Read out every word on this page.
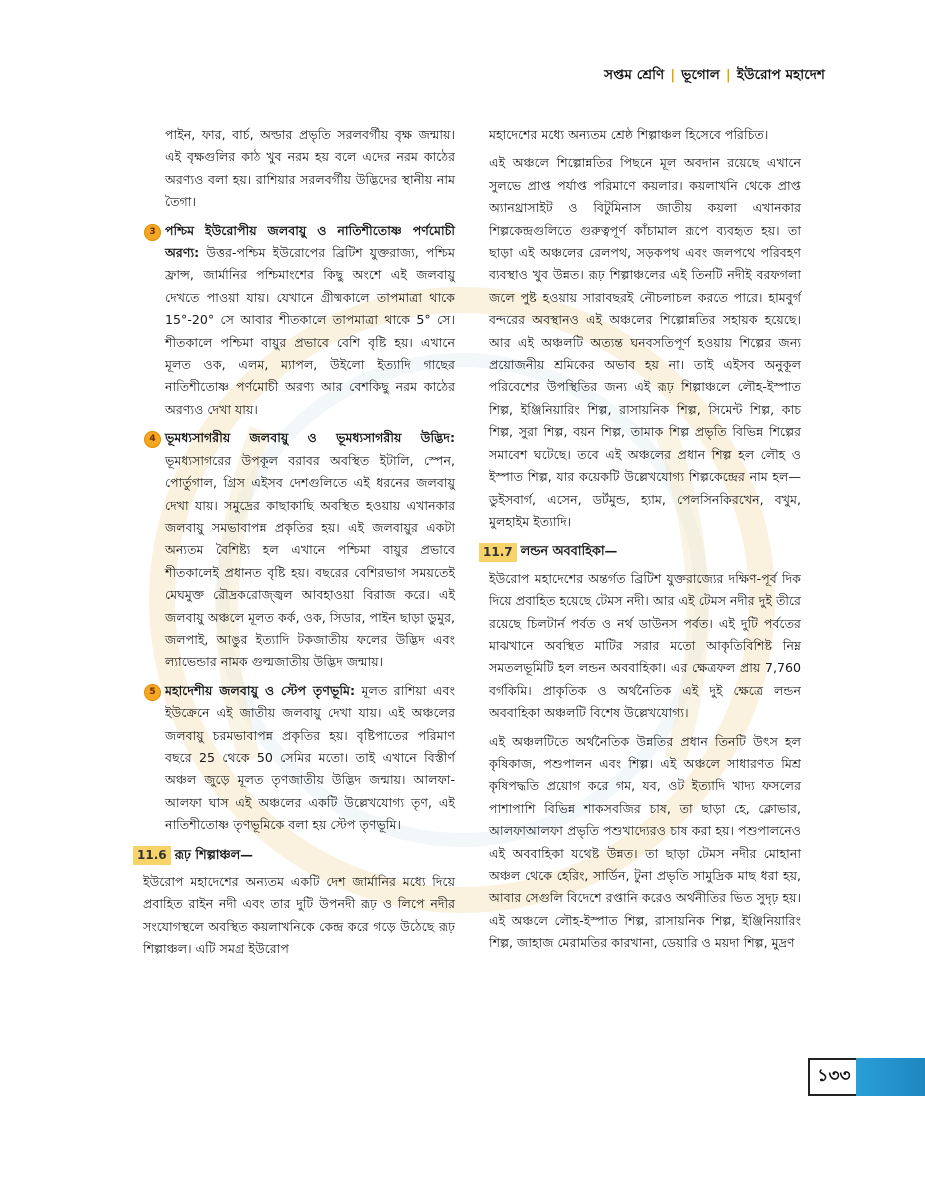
সপ্তম শ্রেণি | ভূগোল | ইউরোপ মহাদেশ

পাইন, ফার, বার্চ, অল্ডার প্রভৃতি সরলবর্গীয় বৃক্ষ জন্মায়। এই বৃক্ষগুলির কাঠ খুব নরম হয় বলে এদের নরম কাঠের অরণ্যও বলা হয়। রাশিয়ার সরলবর্গীয় উদ্ভিদের স্থানীয় নাম তৈগা।

3 পশ্চিম ইউরোপীয় জলবায়ু ও নাতিশীতোষ্ণ পর্ণমোচী অরণ্য: উত্তর-পশ্চিম ইউরোপের ব্রিটিশ যুক্তরাজ্য, পশ্চিম ফ্রান্স, জার্মানির পশ্চিমাংশের কিছু অংশে এই জলবায়ু দেখতে পাওয়া যায়। যেখানে গ্রীষ্মকালে তাপমাত্রা থাকে 15°-20° সে আবার শীতকালে তাপমাত্রা থাকে 5° সে। শীতকালে পশ্চিমা বায়ুর প্রভাবে বেশি বৃষ্টি হয়। এখানে মূলত ওক, এলম, ম্যাপল, উইলো ইত্যাদি গাছের নাতিশীতোষ্ণ পর্ণমোচী অরণ্য আর বেশকিছু নরম কাঠের অরণ্যও দেখা যায়।
4 ভূমধ্যসাগরীয় জলবায়ু ও ভূমধ্যসাগরীয় উদ্ভিদ: ভূমধ্যসাগরের উপকূল বরাবর অবস্থিত ইটালি, স্পেন, পোর্তুগাল, গ্রিস এইসব দেশগুলিতে এই ধরনের জলবায়ু দেখা যায়। সমুদ্রের কাছাকাছি অবস্থিত হওয়ায় এখানকার জলবায়ু সমভাবাপন্ন প্রকৃতির হয়। এই জলবায়ুর একটা অন্যতম বৈশিষ্ট্য হল এখানে পশ্চিমা বায়ুর প্রভাবে শীতকালেই প্রধানত বৃষ্টি হয়। বছরের বেশিরভাগ সময়তেই মেঘমুক্ত রৌদ্রকরোজ্জ্বল আবহাওয়া বিরাজ করে। এই জলবায়ু অঞ্চলে মূলত কর্ক, ওক, সিডার, পাইন ছাড়া ডুমুর, জলপাই, আঙুর ইত্যাদি টকজাতীয় ফলের উদ্ভিদ এবং ল্যাভেন্ডার নামক গুল্মজাতীয় উদ্ভিদ জন্মায়।
5 মহাদেশীয় জলবায়ু ও স্টেপ তৃণভূমি: মূলত রাশিয়া এবং ইউক্রেনে এই জাতীয় জলবায়ু দেখা যায়। এই অঞ্চলের জলবায়ু চরমভাবাপন্ন প্রকৃতির হয়। বৃষ্টিপাতের পরিমাণ বছরে 25 থেকে 50 সেমির মতো। তাই এখানে বিস্তীর্ণ অঞ্চল জুড়ে মূলত তৃণজাতীয় উদ্ভিদ জন্মায়। আলফা-আলফা ঘাস এই অঞ্চলের একটি উল্লেখযোগ্য তৃণ, এই নাতিশীতোষ্ণ তৃণভূমিকে বলা হয় স্টেপ তৃণভূমি।
11.6 রূঢ় শিল্পাঞ্চল—

ইউরোপ মহাদেশের অন্যতম একটি দেশ জার্মানির মধ্যে দিয়ে প্রবাহিত রাইন নদী এবং তার দুটি উপনদী রূঢ় ও লিপে নদীর সংযোগস্থলে অবস্থিত কয়লাখনিকে কেন্দ্র করে গড়ে উঠেছে রূঢ় শিল্পাঞ্চল। এটি সমগ্র ইউরোপ

মহাদেশের মধ্যে অন্যতম শ্রেষ্ঠ শিল্পাঞ্চল হিসেবে পরিচিত।

এই অঞ্চলে শিল্পোন্নতির পিছনে মূল অবদান রয়েছে এখানে সুলভে প্রাপ্ত পর্যাপ্ত পরিমাণে কয়লার। কয়লাখনি থেকে প্রাপ্ত অ্যানথ্রাসাইট ও বিটুমিনাস জাতীয় কয়লা এখানকার শিল্পকেন্দ্রগুলিতে গুরুত্বপূর্ণ কাঁচামাল রূপে ব্যবহৃত হয়। তা ছাড়া এই অঞ্চলের রেলপথ, সড়কপথ এবং জলপথে পরিবহণ ব্যবস্থাও খুব উন্নত। রূঢ় শিল্পাঞ্চলের এই তিনটি নদীই বরফগলা জলে পুষ্ট হওয়ায় সারাবছরই নৌচলাচল করতে পারে। হামবুর্গ বন্দরের অবস্থানও এই অঞ্চলের শিল্পোন্নতির সহায়ক হয়েছে। আর এই অঞ্চলটি অত্যন্ত ঘনবসতিপূর্ণ হওয়ায় শিল্পের জন্য প্রয়োজনীয় শ্রমিকের অভাব হয় না। তাই এইসব অনুকূল পরিবেশের উপস্থিতির জন্য এই রূঢ় শিল্পাঞ্চলে লৌহ-ইস্পাত শিল্প, ইঞ্জিনিয়ারিং শিল্প, রাসায়নিক শিল্প, সিমেন্ট শিল্প, কাচ শিল্প, সুরা শিল্প, বয়ন শিল্প, তামাক শিল্প প্রভৃতি বিভিন্ন শিল্পের সমাবেশ ঘটেছে। তবে এই অঞ্চলের প্রধান শিল্প হল লৌহ ও ইস্পাত শিল্প, যার কয়েকটি উল্লেখযোগ্য শিল্পকেন্দ্রের নাম হল— ডুইসবার্গ, এসেন, ডর্টমুন্ড, হ্যাম, পেলসিনকিরখেন, বখুম, মুলহাইম ইত্যাদি।

11.7 লন্ডন অববাহিকা—

ইউরোপ মহাদেশের অন্তর্গত ব্রিটিশ যুক্তরাজ্যের দক্ষিণ-পূর্ব দিক দিয়ে প্রবাহিত হয়েছে টেমস নদী। আর এই টেমস নদীর দুই তীরে রয়েছে চিলটার্ন পর্বত ও নর্থ ডাউনস পর্বত। এই দুটি পর্বতের মাঝখানে অবস্থিত মাটির সরার মতো আকৃতিবিশিষ্ট নিম্ন সমতলভূমিটি হল লন্ডন অববাহিকা। এর ক্ষেত্রফল প্রায় 7,760 বর্গকিমি। প্রাকৃতিক ও অর্থনৈতিক এই দুই ক্ষেত্রে লন্ডন অববাহিকা অঞ্চলটি বিশেষ উল্লেখযোগ্য।

এই অঞ্চলটিতে অর্থনৈতিক উন্নতির প্রধান তিনটি উৎস হল কৃষিকাজ, পশুপালন এবং শিল্প। এই অঞ্চলে সাধারণত মিশ্র কৃষিপদ্ধতি প্রয়োগ করে গম, যব, ওট ইত্যাদি খাদ্য ফসলের পাশাপাশি বিভিন্ন শাকসবজির চাষ, তা ছাড়া হে, ক্লোভার, আলফাআলফা প্রভৃতি পশুখাদ্যেরও চাষ করা হয়। পশুপালনেও এই অববাহিকা যথেষ্ট উন্নত। তা ছাড়া টেমস নদীর মোহানা অঞ্চল থেকে হেরিং, সার্ডিন, টুনা প্রভৃতি সামুদ্রিক মাছ ধরা হয়, আবার সেগুলি বিদেশে রপ্তানি করেও অর্থনীতির ভিত সুদৃঢ় হয়। এই অঞ্চলে লৌহ-ইস্পাত শিল্প, রাসায়নিক শিল্প, ইঞ্জিনিয়ারিং শিল্প, জাহাজ মেরামতির কারখানা, ডেয়ারি ও ময়দা শিল্প, মুদ্রণ

১৩৩
